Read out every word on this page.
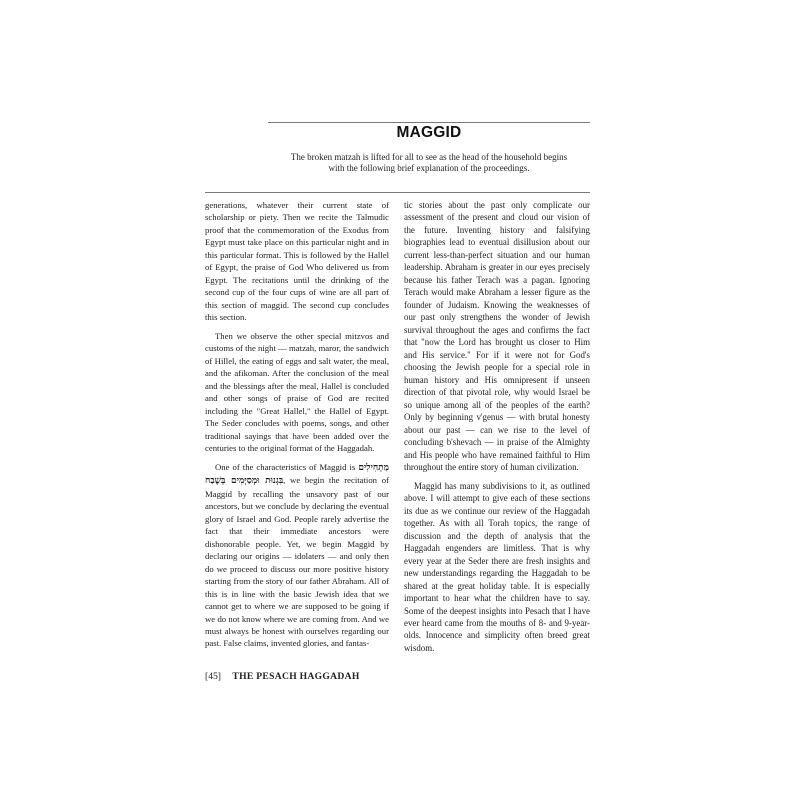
MAGGID
The broken matzah is lifted for all to see as the head of the household begins with the following brief explanation of the proceedings.

generations, whatever their current state of scholarship or piety. Then we recite the Talmudic proof that the commemoration of the Exodus from Egypt must take place on this particular night and in this particular format. This is followed by the Hallel of Egypt, the praise of God Who delivered us from Egypt. The recitations until the drinking of the second cup of the four cups of wine are all part of this section of maggid. The second cup concludes this section.

Then we observe the other special mitzvos and customs of the night — matzah, maror, the sandwich of Hillel, the eating of eggs and salt water, the meal, and the afikoman. After the conclusion of the meal and the blessings after the meal, Hallel is concluded and other songs of praise of God are recited including the "Great Hallel," the Hallel of Egypt. The Seder concludes with poems, songs, and other traditional sayings that have been added over the centuries to the original format of the Haggadah.

One of the characteristics of Maggid is מַתְחִילִים בִּגְנוּת וּמְסַיְּמִים בְּשֶׁבַח, we begin the recitation of Maggid by recalling the unsavory past of our ancestors, but we conclude by declaring the eventual glory of Israel and God. People rarely advertise the fact that their immediate ancestors were dishonorable people. Yet, we begin Maggid by declaring our origins — idolaters — and only then do we proceed to discuss our more positive history starting from the story of our father Abraham. All of this is in line with the basic Jewish idea that we cannot get to where we are supposed to be going if we do not know where we are coming from. And we must always be honest with ourselves regarding our past. False claims, invented glories, and fantas-

tic stories about the past only complicate our assessment of the present and cloud our vision of the future. Inventing history and falsifying biographies lead to eventual disillusion about our current less-than-perfect situation and our human leadership. Abraham is greater in our eyes precisely because his father Terach was a pagan. Ignoring Terach would make Abraham a lesser figure as the founder of Judaism. Knowing the weaknesses of our past only strengthens the wonder of Jewish survival throughout the ages and confirms the fact that "now the Lord has brought us closer to Him and His service." For if it were not for God's choosing the Jewish people for a special role in human history and His omnipresent if unseen direction of that pivotal role, why would Israel be so unique among all of the peoples of the earth? Only by beginning v'genus — with brutal honesty about our past — can we rise to the level of concluding b'shevach — in praise of the Almighty and His people who have remained faithful to Him throughout the entire story of human civilization.

Maggid has many subdivisions to it, as outlined above. I will attempt to give each of these sections its due as we continue our review of the Haggadah together. As with all Torah topics, the range of discussion and the depth of analysis that the Haggadah engenders are limitless. That is why every year at the Seder there are fresh insights and new understandings regarding the Haggadah to be shared at the great holiday table. It is especially important to hear what the children have to say. Some of the deepest insights into Pesach that I have ever heard came from the mouths of 8- and 9-year-olds. Innocence and simplicity often breed great wisdom.

[45] THE PESACH HAGGADAH
